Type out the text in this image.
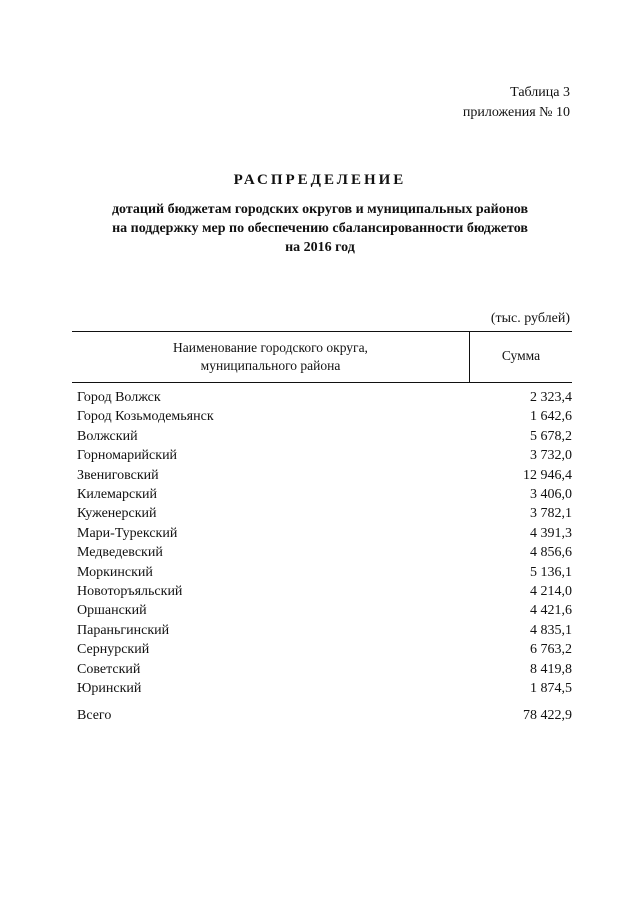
Таблица 3
приложения № 10
РАСПРЕДЕЛЕНИЕ
дотаций бюджетам городских округов и муниципальных районов
на поддержку мер по обеспечению сбалансированности бюджетов
на 2016 год
(тыс. рублей)
Наименование городского округа,
муниципального района
Сумма
Город Волжск	2 323,4
Город Козьмодемьянск	1 642,6
Волжский	5 678,2
Горномарийский	3 732,0
Звениговский	12 946,4
Килемарский	3 406,0
Куженерский	3 782,1
Мари-Турекский	4 391,3
Медведевский	4 856,6
Моркинский	5 136,1
Новоторъяльский	4 214,0
Оршанский	4 421,6
Параньгинский	4 835,1
Сернурский	6 763,2
Советский	8 419,8
Юринский	1 874,5
Всего	78 422,9
